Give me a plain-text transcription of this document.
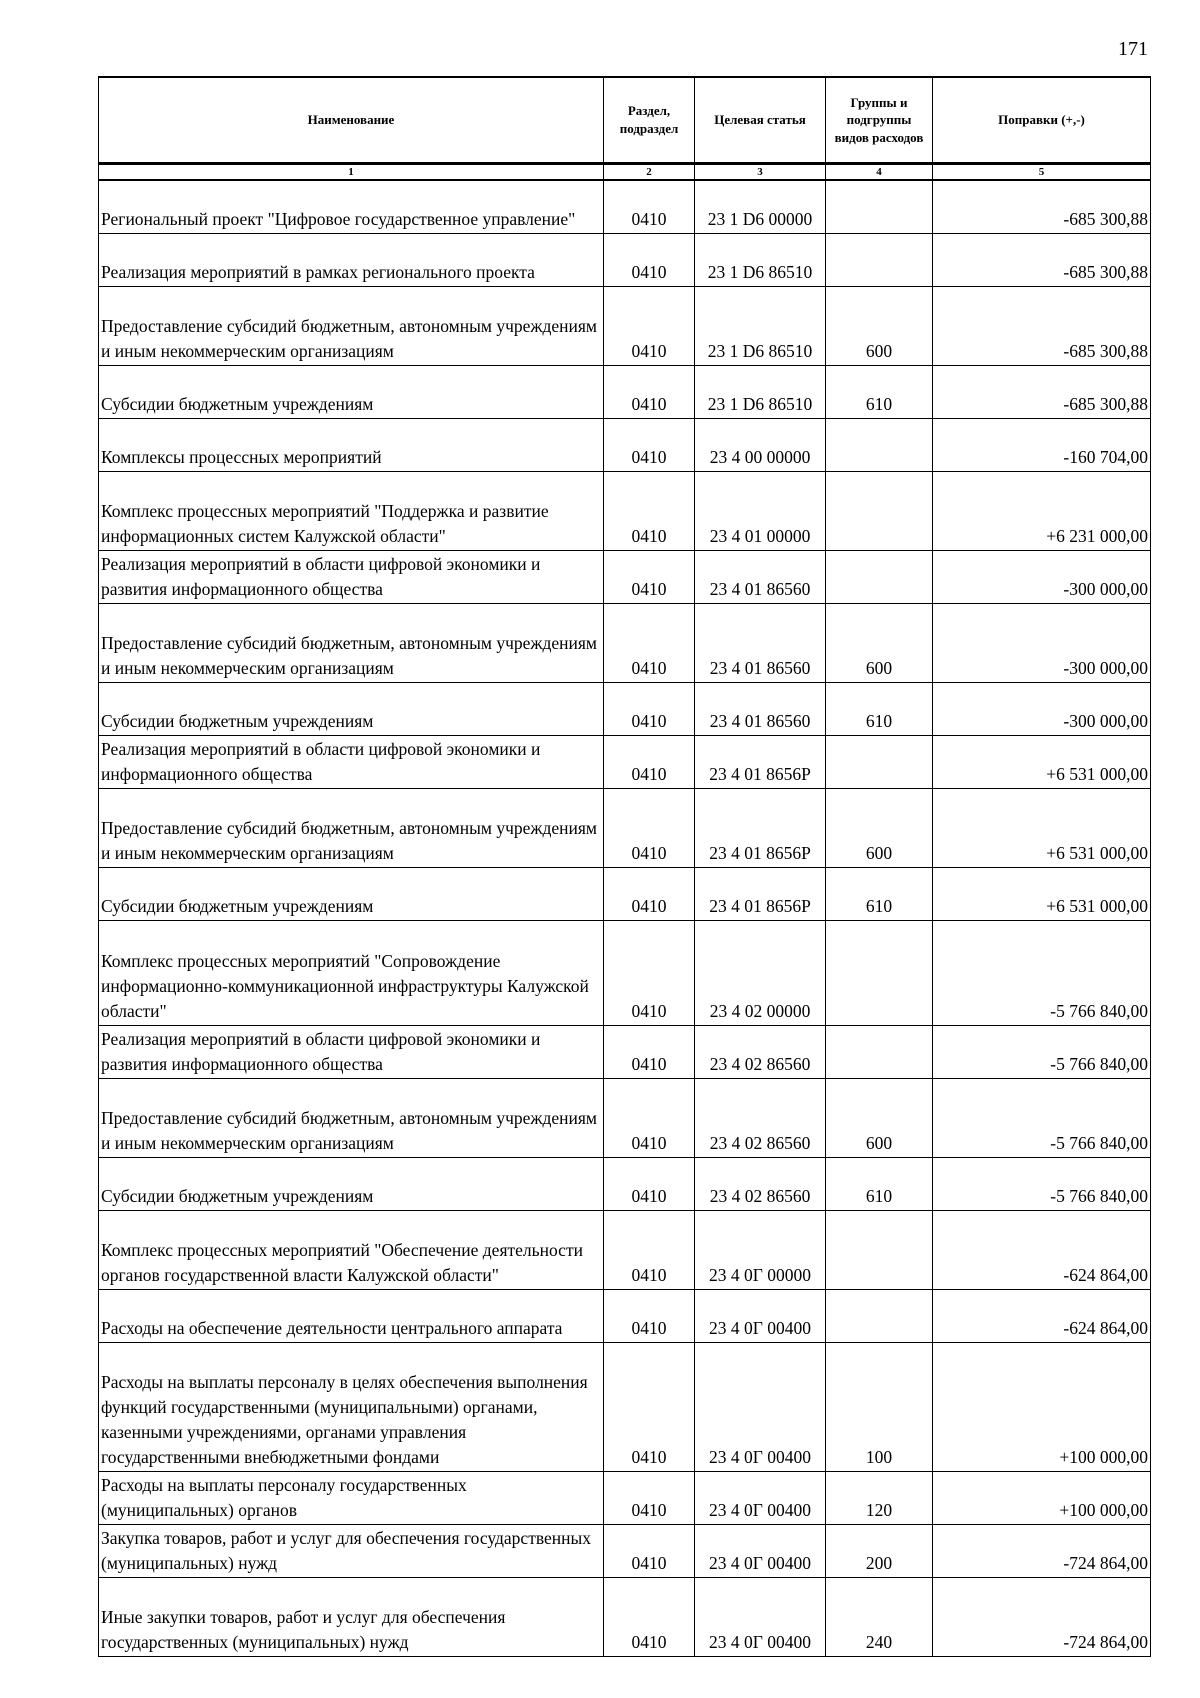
171
Наименование	Раздел, подраздел	Целевая статья	Группы и подгруппы видов расходов	Поправки (+,-)
1	2	3	4	5
Региональный проект "Цифровое государственное управление"	0410	23 1 D6 00000		-685 300,88
Реализация мероприятий в рамках регионального проекта	0410	23 1 D6 86510		-685 300,88
Предоставление субсидий бюджетным, автономным учреждениям и иным некоммерческим организациям	0410	23 1 D6 86510	600	-685 300,88
Субсидии бюджетным учреждениям	0410	23 1 D6 86510	610	-685 300,88
Комплексы процессных мероприятий	0410	23 4 00 00000		-160 704,00
Комплекс процессных мероприятий "Поддержка и развитие информационных систем Калужской области"	0410	23 4 01 00000		+6 231 000,00
Реализация мероприятий в области цифровой экономики и развития информационного общества	0410	23 4 01 86560		-300 000,00
Предоставление субсидий бюджетным, автономным учреждениям и иным некоммерческим организациям	0410	23 4 01 86560	600	-300 000,00
Субсидии бюджетным учреждениям	0410	23 4 01 86560	610	-300 000,00
Реализация мероприятий в области цифровой экономики и информационного общества	0410	23 4 01 8656P		+6 531 000,00
Предоставление субсидий бюджетным, автономным учреждениям и иным некоммерческим организациям	0410	23 4 01 8656P	600	+6 531 000,00
Субсидии бюджетным учреждениям	0410	23 4 01 8656P	610	+6 531 000,00
Комплекс процессных мероприятий "Сопровождение информационно-коммуникационной инфраструктуры Калужской области"	0410	23 4 02 00000		-5 766 840,00
Реализация мероприятий в области цифровой экономики и развития информационного общества	0410	23 4 02 86560		-5 766 840,00
Предоставление субсидий бюджетным, автономным учреждениям и иным некоммерческим организациям	0410	23 4 02 86560	600	-5 766 840,00
Субсидии бюджетным учреждениям	0410	23 4 02 86560	610	-5 766 840,00
Комплекс процессных мероприятий "Обеспечение деятельности органов государственной власти Калужской области"	0410	23 4 0Г 00000		-624 864,00
Расходы на обеспечение деятельности центрального аппарата	0410	23 4 0Г 00400		-624 864,00
Расходы на выплаты персоналу в целях обеспечения выполнения функций государственными (муниципальными) органами, казенными учреждениями, органами управления государственными внебюджетными фондами	0410	23 4 0Г 00400	100	+100 000,00
Расходы на выплаты персоналу государственных (муниципальных) органов	0410	23 4 0Г 00400	120	+100 000,00
Закупка товаров, работ и услуг для обеспечения государственных (муниципальных) нужд	0410	23 4 0Г 00400	200	-724 864,00
Иные закупки товаров, работ и услуг для обеспечения государственных (муниципальных) нужд	0410	23 4 0Г 00400	240	-724 864,00
